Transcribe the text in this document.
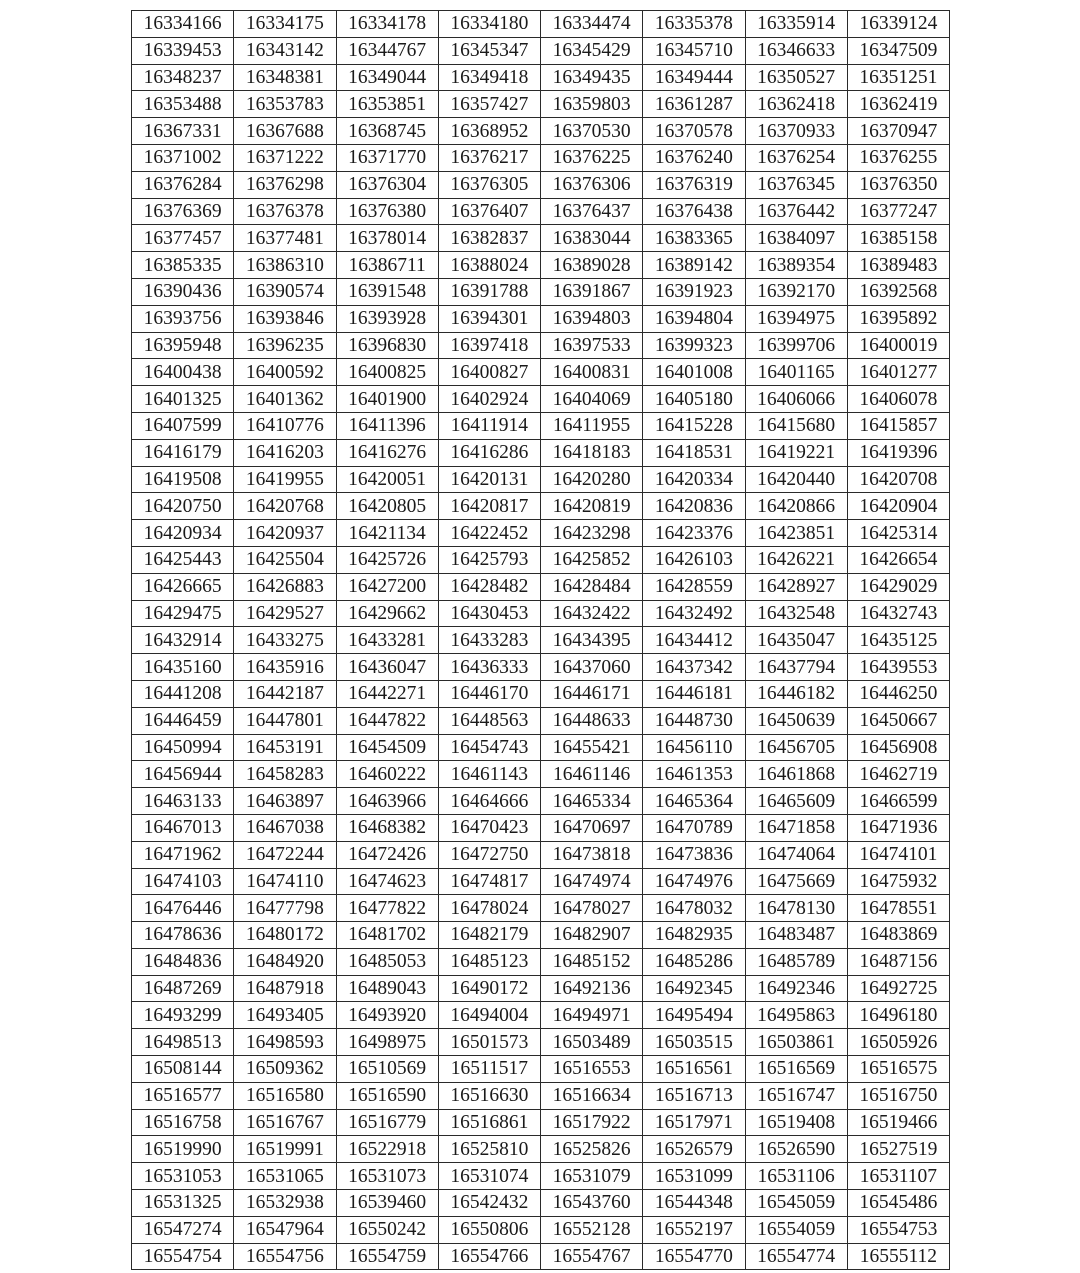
16334166	16334175	16334178	16334180	16334474	16335378	16335914	16339124
16339453	16343142	16344767	16345347	16345429	16345710	16346633	16347509
16348237	16348381	16349044	16349418	16349435	16349444	16350527	16351251
16353488	16353783	16353851	16357427	16359803	16361287	16362418	16362419
16367331	16367688	16368745	16368952	16370530	16370578	16370933	16370947
16371002	16371222	16371770	16376217	16376225	16376240	16376254	16376255
16376284	16376298	16376304	16376305	16376306	16376319	16376345	16376350
16376369	16376378	16376380	16376407	16376437	16376438	16376442	16377247
16377457	16377481	16378014	16382837	16383044	16383365	16384097	16385158
16385335	16386310	16386711	16388024	16389028	16389142	16389354	16389483
16390436	16390574	16391548	16391788	16391867	16391923	16392170	16392568
16393756	16393846	16393928	16394301	16394803	16394804	16394975	16395892
16395948	16396235	16396830	16397418	16397533	16399323	16399706	16400019
16400438	16400592	16400825	16400827	16400831	16401008	16401165	16401277
16401325	16401362	16401900	16402924	16404069	16405180	16406066	16406078
16407599	16410776	16411396	16411914	16411955	16415228	16415680	16415857
16416179	16416203	16416276	16416286	16418183	16418531	16419221	16419396
16419508	16419955	16420051	16420131	16420280	16420334	16420440	16420708
16420750	16420768	16420805	16420817	16420819	16420836	16420866	16420904
16420934	16420937	16421134	16422452	16423298	16423376	16423851	16425314
16425443	16425504	16425726	16425793	16425852	16426103	16426221	16426654
16426665	16426883	16427200	16428482	16428484	16428559	16428927	16429029
16429475	16429527	16429662	16430453	16432422	16432492	16432548	16432743
16432914	16433275	16433281	16433283	16434395	16434412	16435047	16435125
16435160	16435916	16436047	16436333	16437060	16437342	16437794	16439553
16441208	16442187	16442271	16446170	16446171	16446181	16446182	16446250
16446459	16447801	16447822	16448563	16448633	16448730	16450639	16450667
16450994	16453191	16454509	16454743	16455421	16456110	16456705	16456908
16456944	16458283	16460222	16461143	16461146	16461353	16461868	16462719
16463133	16463897	16463966	16464666	16465334	16465364	16465609	16466599
16467013	16467038	16468382	16470423	16470697	16470789	16471858	16471936
16471962	16472244	16472426	16472750	16473818	16473836	16474064	16474101
16474103	16474110	16474623	16474817	16474974	16474976	16475669	16475932
16476446	16477798	16477822	16478024	16478027	16478032	16478130	16478551
16478636	16480172	16481702	16482179	16482907	16482935	16483487	16483869
16484836	16484920	16485053	16485123	16485152	16485286	16485789	16487156
16487269	16487918	16489043	16490172	16492136	16492345	16492346	16492725
16493299	16493405	16493920	16494004	16494971	16495494	16495863	16496180
16498513	16498593	16498975	16501573	16503489	16503515	16503861	16505926
16508144	16509362	16510569	16511517	16516553	16516561	16516569	16516575
16516577	16516580	16516590	16516630	16516634	16516713	16516747	16516750
16516758	16516767	16516779	16516861	16517922	16517971	16519408	16519466
16519990	16519991	16522918	16525810	16525826	16526579	16526590	16527519
16531053	16531065	16531073	16531074	16531079	16531099	16531106	16531107
16531325	16532938	16539460	16542432	16543760	16544348	16545059	16545486
16547274	16547964	16550242	16550806	16552128	16552197	16554059	16554753
16554754	16554756	16554759	16554766	16554767	16554770	16554774	16555112
